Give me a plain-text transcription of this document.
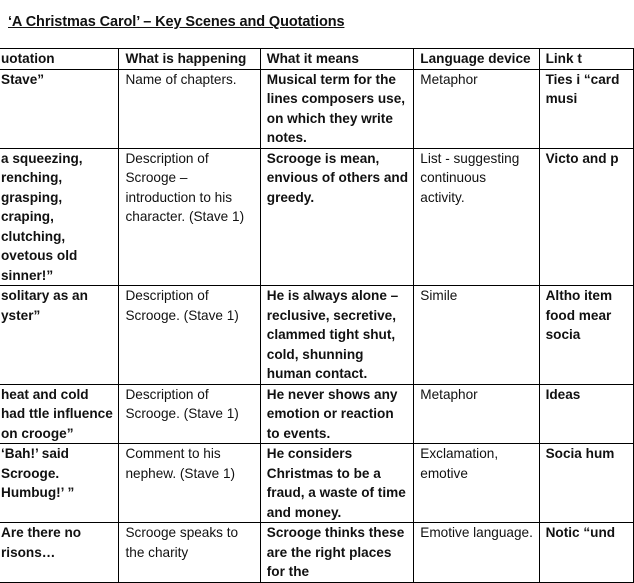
‘A Christmas Carol’ – Key Scenes and Quotations
uotation	What is happening	What it means	Language device	Link t
Stave”	Name of chapters.	Musical term for the lines composers use, on which they write notes.	Metaphor	Ties i “card musi
a squeezing, renching, grasping, craping, clutching, ovetous old sinner!”	Description of Scrooge – introduction to his character. (Stave 1)	Scrooge is mean, envious of others and greedy.	List - suggesting continuous activity.	Victo and p
solitary as an yster”	Description of Scrooge. (Stave 1)	He is always alone – reclusive, secretive, clammed tight shut, cold, shunning human contact.	Simile	Altho item food mear socia
heat and cold had ttle influence on crooge”	Description of Scrooge. (Stave 1)	He never shows any emotion or reaction to events.	Metaphor	Ideas
‘Bah!’ said Scrooge. Humbug!’ ”	Comment to his nephew. (Stave 1)	He considers Christmas to be a fraud, a waste of time and money.	Exclamation, emotive	Socia hum
Are there no risons…	Scrooge speaks to the charity	Scrooge thinks these are the right places for the	Emotive language.	Notic “und
